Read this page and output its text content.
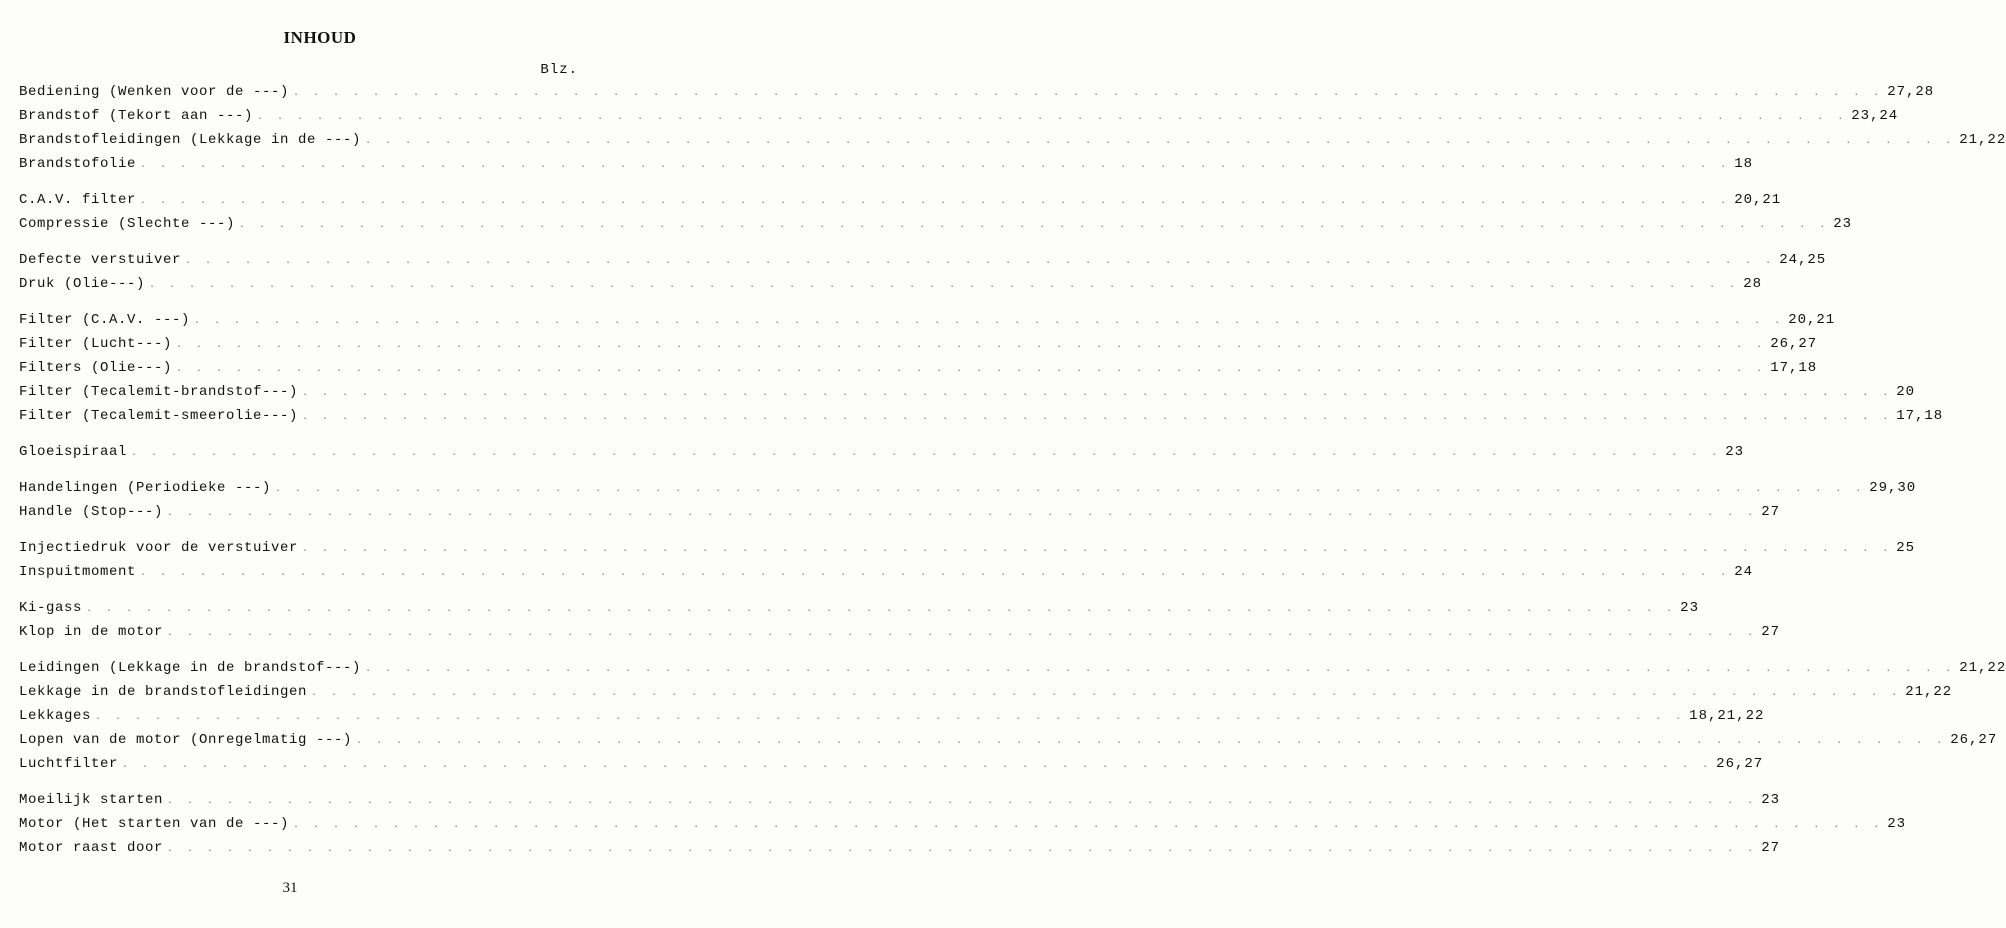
INHOUD
Blz.
Bediening (Wenken voor de ---) . . . . . . . . . . . . . . . . . . . . . . . . . . . . . . . . . . . . . . . . . . . . . . . . . . . . . . . . . . . . . . . . . . . . . . . . . . . . . . . . 27,28
Brandstof (Tekort aan ---) . . . . . . . . . . . . . . . . . . . . . . . . . . . . . . . . . . . . . . . . . . . . . . . . . . . . . . . . . . . . . . . . . . . . . . . . . . . . . . . . 23,24
Brandstofleidingen (Lekkage in de ---) . . . . . . . . . . . . . . . . . . . . . . . . . . . . . . . . . . . . . . . . . . . . . . . . . . . . . . . . . . . . . . . . . . . . . . . . . . . . . . . . 21,22
Brandstofolie . . . . . . . . . . . . . . . . . . . . . . . . . . . . . . . . . . . . . . . . . . . . . . . . . . . . . . . . . . . . . . . . . . . . . . . . . . . . . . . . 18
C.A.V. filter . . . . . . . . . . . . . . . . . . . . . . . . . . . . . . . . . . . . . . . . . . . . . . . . . . . . . . . . . . . . . . . . . . . . . . . . . . . . . . . . 20,21
Compressie (Slechte ---) . . . . . . . . . . . . . . . . . . . . . . . . . . . . . . . . . . . . . . . . . . . . . . . . . . . . . . . . . . . . . . . . . . . . . . . . . . . . . . . . 23
Defecte verstuiver . . . . . . . . . . . . . . . . . . . . . . . . . . . . . . . . . . . . . . . . . . . . . . . . . . . . . . . . . . . . . . . . . . . . . . . . . . . . . . . . 24,25
Druk (Olie---) . . . . . . . . . . . . . . . . . . . . . . . . . . . . . . . . . . . . . . . . . . . . . . . . . . . . . . . . . . . . . . . . . . . . . . . . . . . . . . . . 28
Filter (C.A.V. ---) . . . . . . . . . . . . . . . . . . . . . . . . . . . . . . . . . . . . . . . . . . . . . . . . . . . . . . . . . . . . . . . . . . . . . . . . . . . . . . . . 20,21
Filter (Lucht---) . . . . . . . . . . . . . . . . . . . . . . . . . . . . . . . . . . . . . . . . . . . . . . . . . . . . . . . . . . . . . . . . . . . . . . . . . . . . . . . . 26,27
Filters (Olie---) . . . . . . . . . . . . . . . . . . . . . . . . . . . . . . . . . . . . . . . . . . . . . . . . . . . . . . . . . . . . . . . . . . . . . . . . . . . . . . . . 17,18
Filter (Tecalemit-brandstof---) . . . . . . . . . . . . . . . . . . . . . . . . . . . . . . . . . . . . . . . . . . . . . . . . . . . . . . . . . . . . . . . . . . . . . . . . . . . . . . . . 20
Filter (Tecalemit-smeerolie---) . . . . . . . . . . . . . . . . . . . . . . . . . . . . . . . . . . . . . . . . . . . . . . . . . . . . . . . . . . . . . . . . . . . . . . . . . . . . . . . . 17,18
Gloeispiraal . . . . . . . . . . . . . . . . . . . . . . . . . . . . . . . . . . . . . . . . . . . . . . . . . . . . . . . . . . . . . . . . . . . . . . . . . . . . . . . . 23
Handelingen (Periodieke ---) . . . . . . . . . . . . . . . . . . . . . . . . . . . . . . . . . . . . . . . . . . . . . . . . . . . . . . . . . . . . . . . . . . . . . . . . . . . . . . . . 29,30
Handle (Stop---) . . . . . . . . . . . . . . . . . . . . . . . . . . . . . . . . . . . . . . . . . . . . . . . . . . . . . . . . . . . . . . . . . . . . . . . . . . . . . . . . 27
Injectiedruk voor de verstuiver . . . . . . . . . . . . . . . . . . . . . . . . . . . . . . . . . . . . . . . . . . . . . . . . . . . . . . . . . . . . . . . . . . . . . . . . . . . . . . . . 25
Inspuitmoment . . . . . . . . . . . . . . . . . . . . . . . . . . . . . . . . . . . . . . . . . . . . . . . . . . . . . . . . . . . . . . . . . . . . . . . . . . . . . . . . 24
Ki-gass . . . . . . . . . . . . . . . . . . . . . . . . . . . . . . . . . . . . . . . . . . . . . . . . . . . . . . . . . . . . . . . . . . . . . . . . . . . . . . . . 23
Klop in de motor . . . . . . . . . . . . . . . . . . . . . . . . . . . . . . . . . . . . . . . . . . . . . . . . . . . . . . . . . . . . . . . . . . . . . . . . . . . . . . . . 27
Leidingen (Lekkage in de brandstof---) . . . . . . . . . . . . . . . . . . . . . . . . . . . . . . . . . . . . . . . . . . . . . . . . . . . . . . . . . . . . . . . . . . . . . . . . . . . . . . . . 21,22
Lekkage in de brandstofleidingen . . . . . . . . . . . . . . . . . . . . . . . . . . . . . . . . . . . . . . . . . . . . . . . . . . . . . . . . . . . . . . . . . . . . . . . . . . . . . . . . 21,22
Lekkages . . . . . . . . . . . . . . . . . . . . . . . . . . . . . . . . . . . . . . . . . . . . . . . . . . . . . . . . . . . . . . . . . . . . . . . . . . . . . . . . 18,21,22
Lopen van de motor (Onregelmatig ---) . . . . . . . . . . . . . . . . . . . . . . . . . . . . . . . . . . . . . . . . . . . . . . . . . . . . . . . . . . . . . . . . . . . . . . . . . . . . . . . . 26,27
Luchtfilter . . . . . . . . . . . . . . . . . . . . . . . . . . . . . . . . . . . . . . . . . . . . . . . . . . . . . . . . . . . . . . . . . . . . . . . . . . . . . . . . 26,27
Moeilijk starten . . . . . . . . . . . . . . . . . . . . . . . . . . . . . . . . . . . . . . . . . . . . . . . . . . . . . . . . . . . . . . . . . . . . . . . . . . . . . . . . 23
Motor (Het starten van de ---) . . . . . . . . . . . . . . . . . . . . . . . . . . . . . . . . . . . . . . . . . . . . . . . . . . . . . . . . . . . . . . . . . . . . . . . . . . . . . . . . 23
Motor raast door . . . . . . . . . . . . . . . . . . . . . . . . . . . . . . . . . . . . . . . . . . . . . . . . . . . . . . . . . . . . . . . . . . . . . . . . . . . . . . . . 27
31
